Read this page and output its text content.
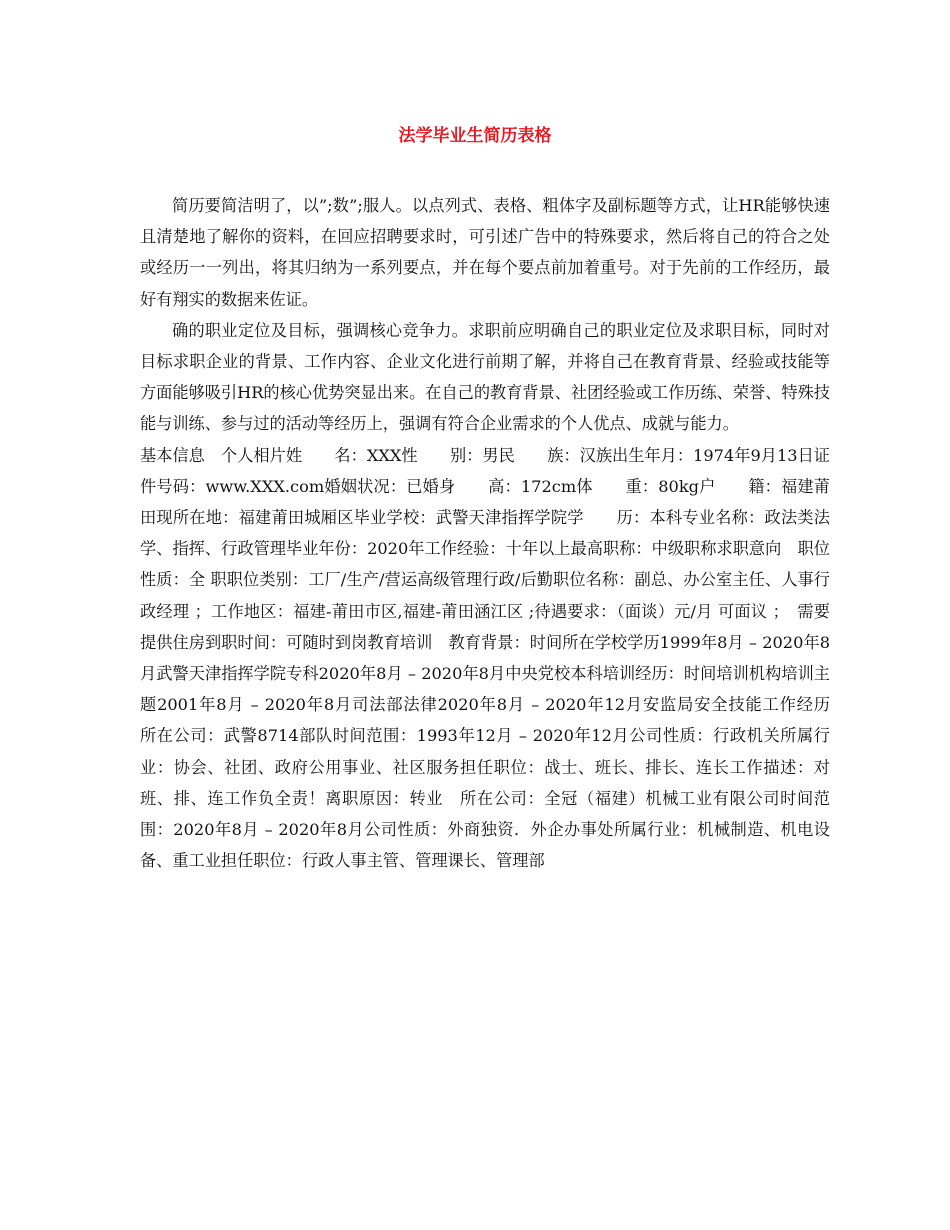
法学毕业生简历表格

简历要简洁明了，以”;数”;服人。以点列式、表格、粗体字及副标题等方式，让HR能够快速且清楚地了解你的资料，在回应招聘要求时，可引述广告中的特殊要求，然后将自己的符合之处或经历一一列出，将其归纳为一系列要点，并在每个要点前加着重号。对于先前的工作经历，最好有翔实的数据来佐证。

确的职业定位及目标，强调核心竞争力。求职前应明确自己的职业定位及求职目标，同时对目标求职企业的背景、工作内容、企业文化进行前期了解，并将自己在教育背景、经验或技能等方面能够吸引HR的核心优势突显出来。在自己的教育背景、社团经验或工作历练、荣誉、特殊技能与训练、参与过的活动等经历上，强调有符合企业需求的个人优点、成就与能力。

基本信息　个人相片姓　　名：XXX性　　别：男民　　族：汉族出生年月：1974年9月13日证件号码：www.XXX.com婚姻状况：已婚身　　高：172cm体　　重：80kg户　　籍：福建莆田现所在地：福建莆田城厢区毕业学校：武警天津指挥学院学　　历：本科专业名称：政法类法学、指挥、行政管理毕业年份：2020年工作经验：十年以上最高职称：中级职称求职意向　职位性质：全 职职位类别：工厂/生产/营运高级管理行政/后勤职位名称：副总、办公室主任、人事行政经理 ；工作地区：福建-莆田市区,福建-莆田涵江区 ;待遇要求：（面谈）元/月 可面议 ；　需要提供住房到职时间：可随时到岗教育培训　教育背景：时间所在学校学历1999年8月 – 2020年8月武警天津指挥学院专科2020年8月 – 2020年8月中央党校本科培训经历：时间培训机构培训主题2001年8月 – 2020年8月司法部法律2020年8月 – 2020年12月安监局安全技能工作经历　　所在公司：武警8714部队时间范围：1993年12月 – 2020年12月公司性质：行政机关所属行业：协会、社团、政府公用事业、社区服务担任职位：战士、班长、排长、连长工作描述：对班、排、连工作负全责！离职原因：转业　所在公司：全冠（福建）机械工业有限公司时间范围：2020年8月 – 2020年8月公司性质：外商独资．外企办事处所属行业：机械制造、机电设备、重工业担任职位：行政人事主管、管理课长、管理部
